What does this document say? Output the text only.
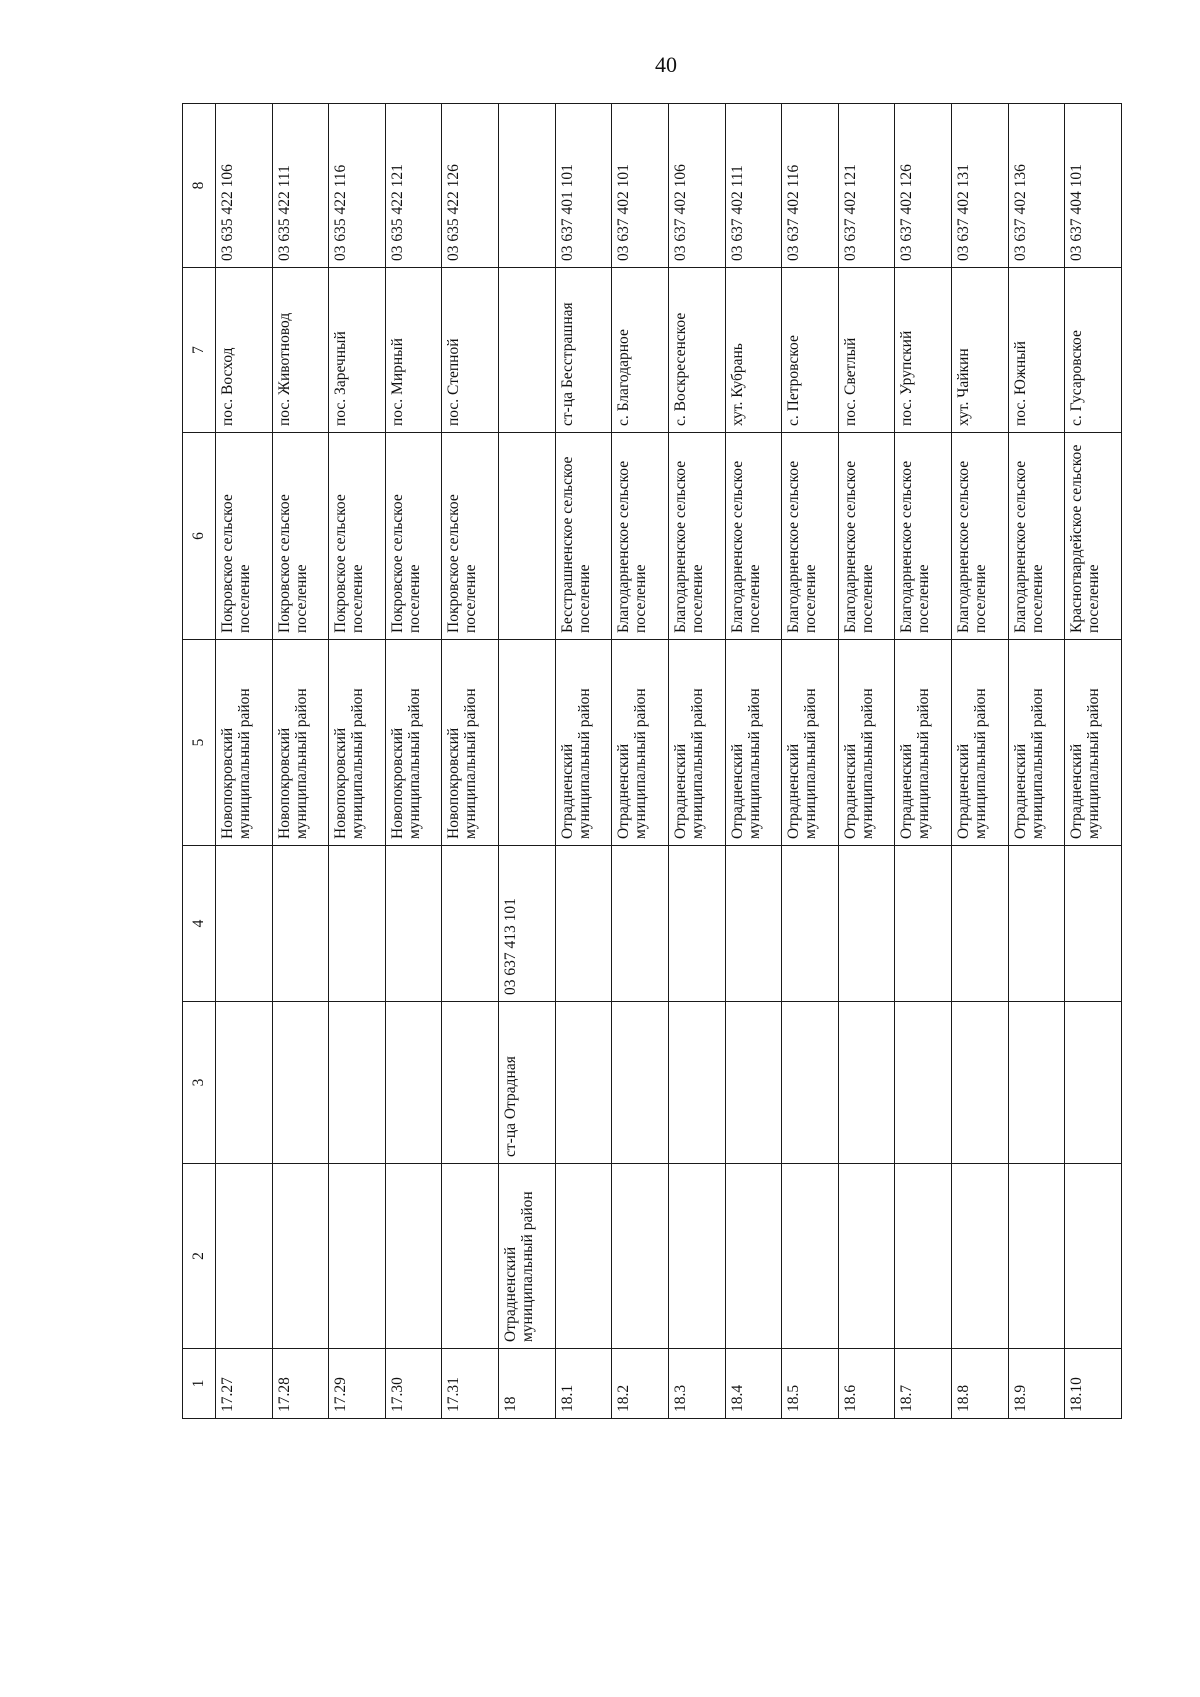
40
1	2	3	4	5	6	7	8
17.27				Новопокровский муниципальный район	Покровское сельское поселение	пос. Восход	03 635 422 106
17.28				Новопокровский муниципальный район	Покровское сельское поселение	пос. Животновод	03 635 422 111
17.29				Новопокровский муниципальный район	Покровское сельское поселение	пос. Заречный	03 635 422 116
17.30				Новопокровский муниципальный район	Покровское сельское поселение	пос. Мирный	03 635 422 121
17.31				Новопокровский муниципальный район	Покровское сельское поселение	пос. Степной	03 635 422 126
18	Отрадненский муниципальный район	ст-ца Отрадная	03 637 413 101				
18.1				Отрадненский муниципальный район	Бесстрашненское сельское поселение	ст-ца Бесстрашная	03 637 401 101
18.2				Отрадненский муниципальный район	Благодарненское сельское поселение	с. Благодарное	03 637 402 101
18.3				Отрадненский муниципальный район	Благодарненское сельское поселение	с. Воскресенское	03 637 402 106
18.4				Отрадненский муниципальный район	Благодарненское сельское поселение	хут. Кубрань	03 637 402 111
18.5				Отрадненский муниципальный район	Благодарненское сельское поселение	с. Петровское	03 637 402 116
18.6				Отрадненский муниципальный район	Благодарненское сельское поселение	пос. Светлый	03 637 402 121
18.7				Отрадненский муниципальный район	Благодарненское сельское поселение	пос. Урупский	03 637 402 126
18.8				Отрадненский муниципальный район	Благодарненское сельское поселение	хут. Чайкин	03 637 402 131
18.9				Отрадненский муниципальный район	Благодарненское сельское поселение	пос. Южный	03 637 402 136
18.10				Отрадненский муниципальный район	Красногвардейское сельское поселение	с. Гусаровское	03 637 404 101
